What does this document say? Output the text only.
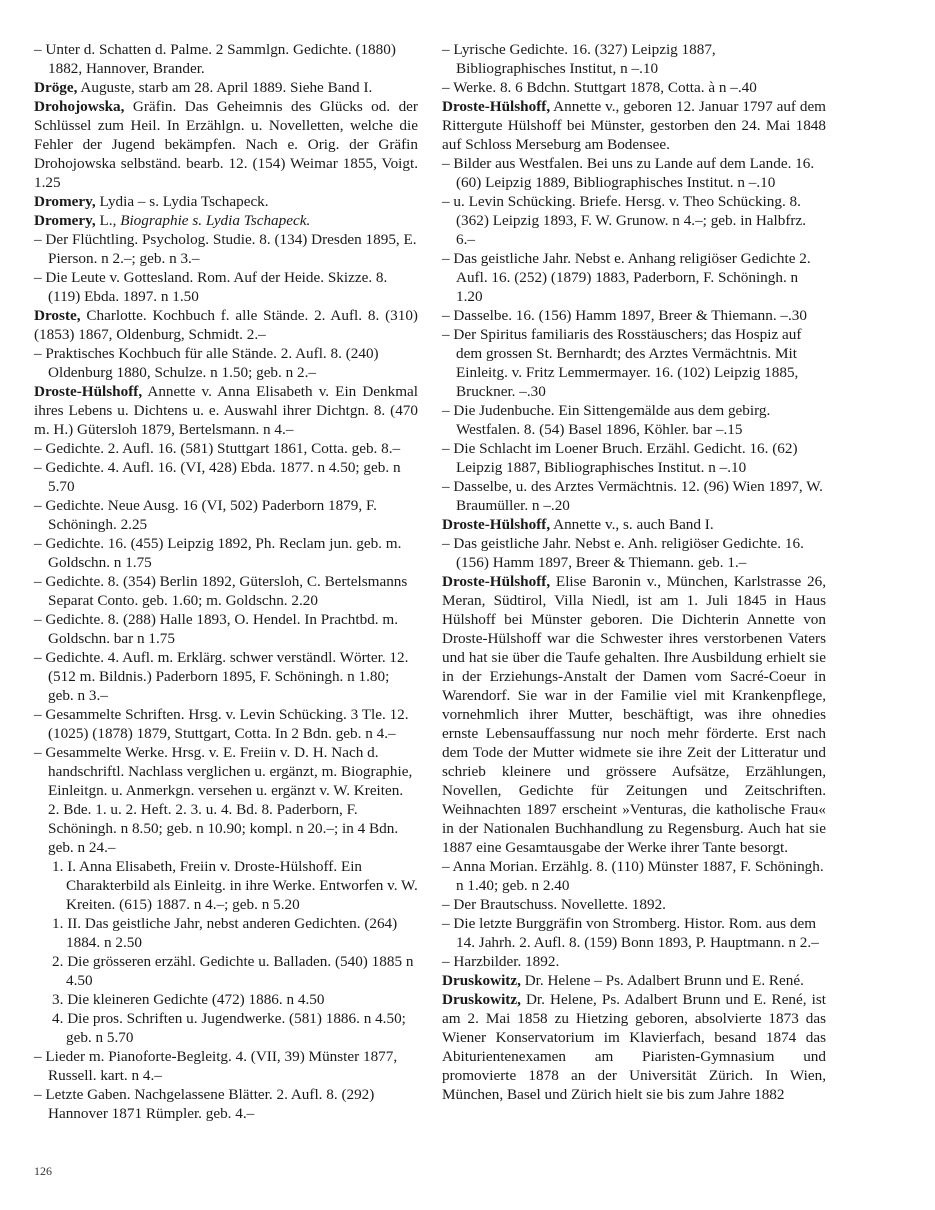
– Unter d. Schatten d. Palme. 2 Sammlgn. Gedichte. (1880) 1882, Hannover, Brander.

Dröge, Auguste, starb am 28. April 1889. Siehe Band I.

Drohojowska, Gräfin. Das Geheimnis des Glücks od. der Schlüssel zum Heil. In Erzählgn. u. Novelletten, welche die Fehler der Jugend bekämpfen. Nach e. Orig. der Gräfin Drohojowska selbständ. bearb. 12. (154) Weimar 1855, Voigt. 1.25

Dromery, Lydia – s. Lydia Tschapeck.

Dromery, L., Biographie s. Lydia Tschapeck.

– Der Flüchtling. Psycholog. Studie. 8. (134) Dresden 1895, E. Pierson. n 2.–; geb. n 3.–

– Die Leute v. Gottesland. Rom. Auf der Heide. Skizze. 8. (119) Ebda. 1897. n 1.50

Droste, Charlotte. Kochbuch f. alle Stände. 2. Aufl. 8. (310) (1853) 1867, Oldenburg, Schmidt. 2.–

– Praktisches Kochbuch für alle Stände. 2. Aufl. 8. (240) Oldenburg 1880, Schulze. n 1.50; geb. n 2.–

Droste-Hülshoff, Annette v. Anna Elisabeth v. Ein Denkmal ihres Lebens u. Dichtens u. e. Auswahl ihrer Dichtgn. 8. (470 m. H.) Gütersloh 1879, Bertelsmann. n 4.–

– Gedichte. 2. Aufl. 16. (581) Stuttgart 1861, Cotta. geb. 8.–

– Gedichte. 4. Aufl. 16. (VI, 428) Ebda. 1877. n 4.50; geb. n 5.70

– Gedichte. Neue Ausg. 16 (VI, 502) Paderborn 1879, F. Schöningh. 2.25

– Gedichte. 16. (455) Leipzig 1892, Ph. Reclam jun. geb. m. Goldschn. n 1.75

– Gedichte. 8. (354) Berlin 1892, Gütersloh, C. Bertelsmanns Separat Conto. geb. 1.60; m. Goldschn. 2.20

– Gedichte. 8. (288) Halle 1893, O. Hendel. In Prachtbd. m. Goldschn. bar n 1.75

– Gedichte. 4. Aufl. m. Erklärg. schwer verständl. Wörter. 12. (512 m. Bildnis.) Paderborn 1895, F. Schöningh. n 1.80; geb. n 3.–

– Gesammelte Schriften. Hrsg. v. Levin Schücking. 3 Tle. 12. (1025) (1878) 1879, Stuttgart, Cotta. In 2 Bdn. geb. n 4.–

– Gesammelte Werke. Hrsg. v. E. Freiin v. D. H. Nach d. handschriftl. Nachlass verglichen u. ergänzt, m. Biographie, Einleitgn. u. Anmerkgn. versehen u. ergänzt v. W. Kreiten. 2. Bde. 1. u. 2. Heft. 2. 3. u. 4. Bd. 8. Paderborn, F. Schöningh. n 8.50; geb. n 10.90; kompl. n 20.–; in 4 Bdn. geb. n 24.–

1. I. Anna Elisabeth, Freiin v. Droste-Hülshoff. Ein Charakterbild als Einleitg. in ihre Werke. Entworfen v. W. Kreiten. (615) 1887. n 4.–; geb. n 5.20

1. II. Das geistliche Jahr, nebst anderen Gedichten. (264) 1884. n 2.50

2. Die grösseren erzähl. Gedichte u. Balladen. (540) 1885 n 4.50

3. Die kleineren Gedichte (472) 1886. n 4.50

4. Die pros. Schriften u. Jugendwerke. (581) 1886. n 4.50; geb. n 5.70

– Lieder m. Pianoforte-Begleitg. 4. (VII, 39) Münster 1877, Russell. kart. n 4.–

– Letzte Gaben. Nachgelassene Blätter. 2. Aufl. 8. (292) Hannover 1871 Rümpler. geb. 4.–

– Lyrische Gedichte. 16. (327) Leipzig 1887, Bibliographisches Institut, n –.10

– Werke. 8. 6 Bdchn. Stuttgart 1878, Cotta. à n –.40

Droste-Hülshoff, Annette v., geboren 12. Januar 1797 auf dem Rittergute Hülshoff bei Münster, gestorben den 24. Mai 1848 auf Schloss Merseburg am Bodensee.

– Bilder aus Westfalen. Bei uns zu Lande auf dem Lande. 16. (60) Leipzig 1889, Bibliographisches Institut. n –.10

– u. Levin Schücking. Briefe. Hersg. v. Theo Schücking. 8. (362) Leipzig 1893, F. W. Grunow. n 4.–; geb. in Halbfrz. 6.–

– Das geistliche Jahr. Nebst e. Anhang religiöser Gedichte 2. Aufl. 16. (252) (1879) 1883, Paderborn, F. Schöningh. n 1.20

– Dasselbe. 16. (156) Hamm 1897, Breer & Thiemann. –.30

– Der Spiritus familiaris des Rosstäuschers; das Hospiz auf dem grossen St. Bernhardt; des Arztes Vermächtnis. Mit Einleitg. v. Fritz Lemmermayer. 16. (102) Leipzig 1885, Bruckner. –.30

– Die Judenbuche. Ein Sittengemälde aus dem gebirg. Westfalen. 8. (54) Basel 1896, Köhler. bar –.15

– Die Schlacht im Loener Bruch. Erzähl. Gedicht. 16. (62) Leipzig 1887, Bibliographisches Institut. n –.10

– Dasselbe, u. des Arztes Vermächtnis. 12. (96) Wien 1897, W. Braumüller. n –.20

Droste-Hülshoff, Annette v., s. auch Band I.

– Das geistliche Jahr. Nebst e. Anh. religiöser Gedichte. 16. (156) Hamm 1897, Breer & Thiemann. geb. 1.–

Droste-Hülshoff, Elise Baronin v., München, Karlstrasse 26, Meran, Südtirol, Villa Niedl, ist am 1. Juli 1845 in Haus Hülshoff bei Münster geboren. Die Dichterin Annette von Droste-Hülshoff war die Schwester ihres verstorbenen Vaters und hat sie über die Taufe gehalten. Ihre Ausbildung erhielt sie in der Erziehungs-Anstalt der Damen vom Sacré-Coeur in Warendorf. Sie war in der Familie viel mit Krankenpflege, vornehmlich ihrer Mutter, beschäftigt, was ihre ohnedies ernste Lebensauffassung nur noch mehr förderte. Erst nach dem Tode der Mutter widmete sie ihre Zeit der Litteratur und schrieb kleinere und grössere Aufsätze, Erzählungen, Novellen, Gedichte für Zeitungen und Zeitschriften. Weihnachten 1897 erscheint »Venturas, die katholische Frau« in der Nationalen Buchhandlung zu Regensburg. Auch hat sie 1887 eine Gesamtausgabe der Werke ihrer Tante besorgt.

– Anna Morian. Erzählg. 8. (110) Münster 1887, F. Schöningh. n 1.40; geb. n 2.40

– Der Brautschuss. Novellette. 1892.

– Die letzte Burggräfin von Stromberg. Histor. Rom. aus dem 14. Jahrh. 2. Aufl. 8. (159) Bonn 1893, P. Hauptmann. n 2.–

– Harzbilder. 1892.

Druskowitz, Dr. Helene – Ps. Adalbert Brunn und E. René.

Druskowitz, Dr. Helene, Ps. Adalbert Brunn und E. René, ist am 2. Mai 1858 zu Hietzing geboren, absolvierte 1873 das Wiener Konservatorium im Klavierfach, besand 1874 das Abiturientenexamen am Piaristen-Gymnasium und promovierte 1878 an der Universität Zürich. In Wien, München, Basel und Zürich hielt sie bis zum Jahre 1882

126
